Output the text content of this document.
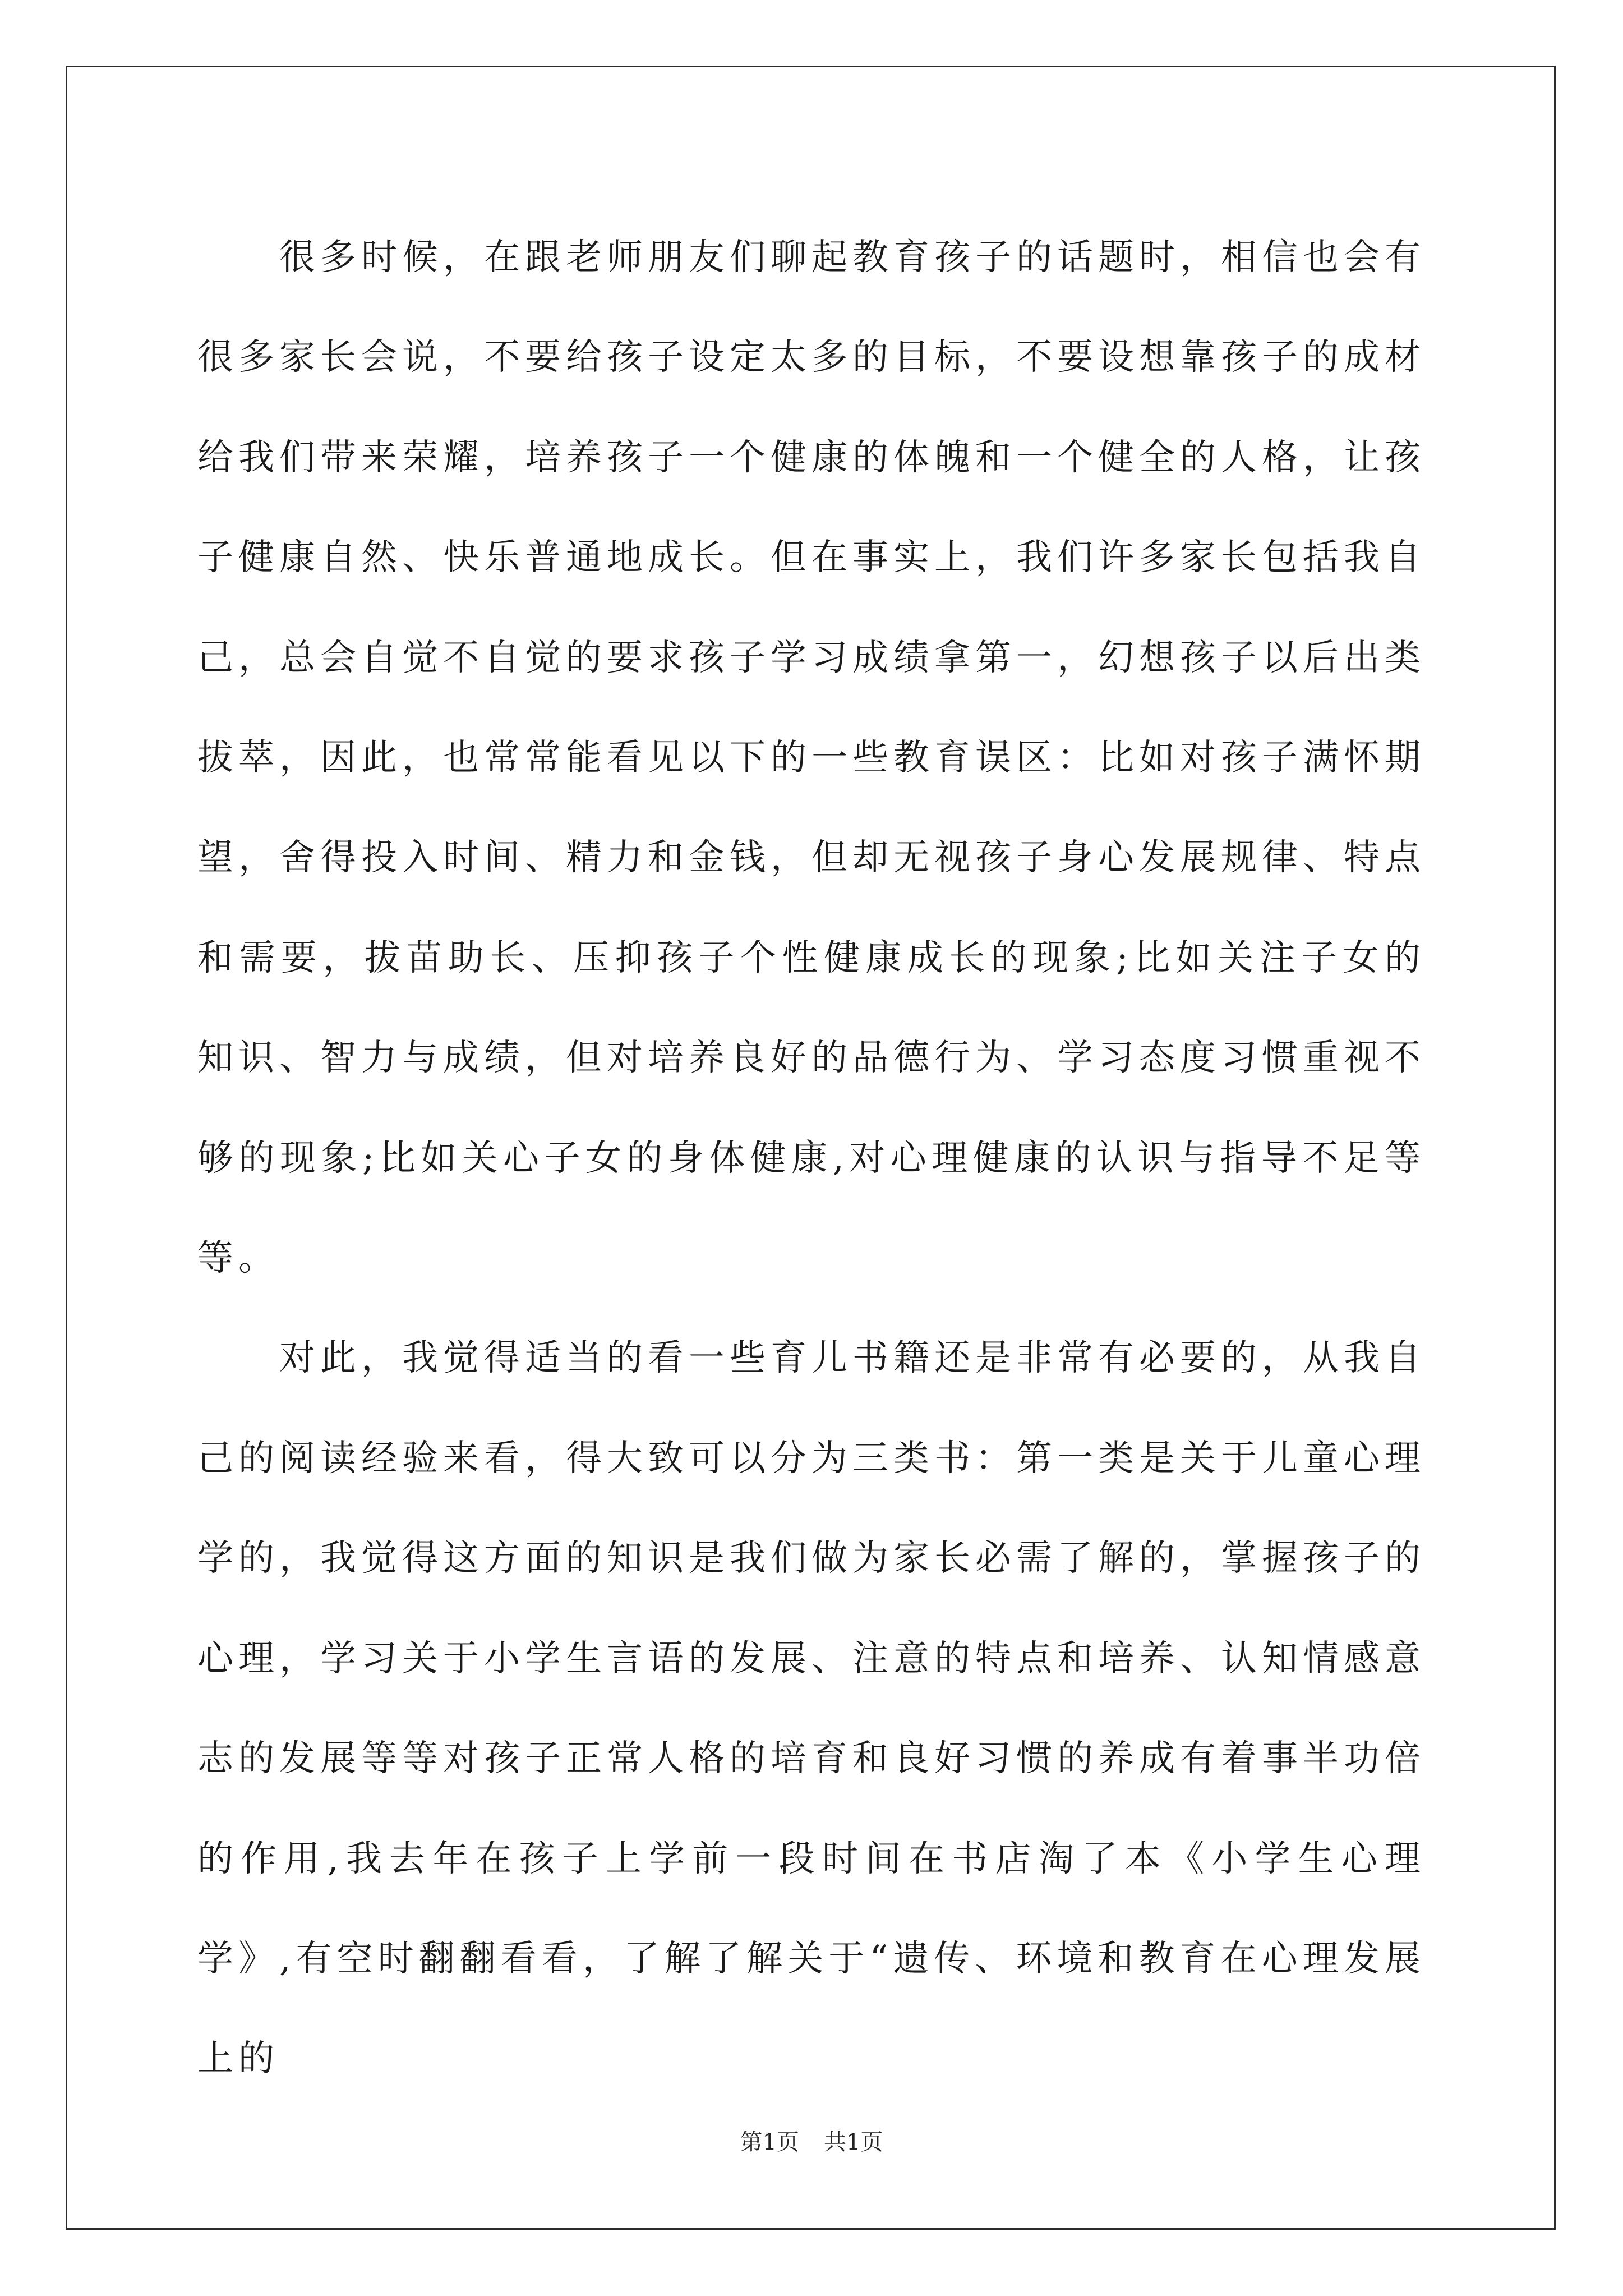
很多时候，在跟老师朋友们聊起教育孩子的话题时，相信也会有很多家长会说，不要给孩子设定太多的目标，不要设想靠孩子的成材给我们带来荣耀，培养孩子一个健康的体魄和一个健全的人格，让孩子健康自然、快乐普通地成长。但在事实上，我们许多家长包括我自己，总会自觉不自觉的要求孩子学习成绩拿第一，幻想孩子以后出类拔萃，因此，也常常能看见以下的一些教育误区：比如对孩子满怀期望，舍得投入时间、精力和金钱，但却无视孩子身心发展规律、特点和需要，拔苗助长、压抑孩子个性健康成长的现象;比如关注子女的知识、智力与成绩，但对培养良好的品德行为、学习态度习惯重视不够的现象;比如关心子女的身体健康,对心理健康的认识与指导不足等等。

对此，我觉得适当的看一些育儿书籍还是非常有必要的，从我自己的阅读经验来看，得大致可以分为三类书：第一类是关于儿童心理学的，我觉得这方面的知识是我们做为家长必需了解的，掌握孩子的心理，学习关于小学生言语的发展、注意的特点和培养、认知情感意志的发展等等对孩子正常人格的培育和良好习惯的养成有着事半功倍的作用,我去年在孩子上学前一段时间在书店淘了本《小学生心理学》,有空时翻翻看看，了解了解关于“遗传、环境和教育在心理发展上的

第1页 共1页
